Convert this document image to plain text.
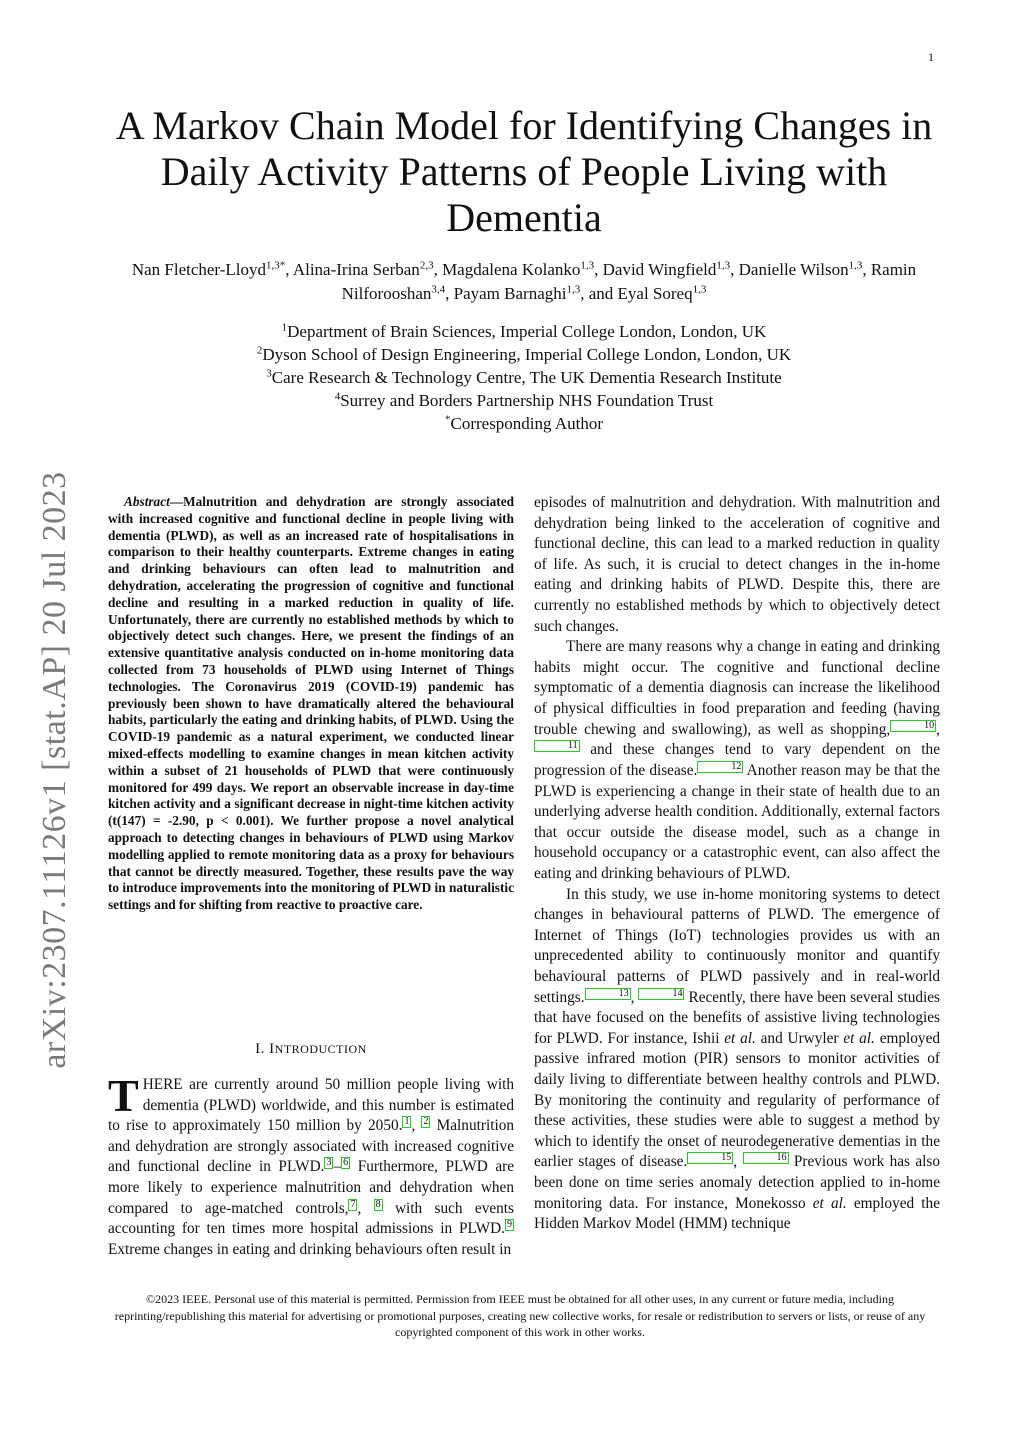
1
arXiv:2307.11126v1 [stat.AP] 20 Jul 2023
A Markov Chain Model for Identifying Changes in Daily Activity Patterns of People Living with Dementia
Nan Fletcher-Lloyd$^{1,3*}$, Alina-Irina Serban$^{2,3}$, Magdalena Kolanko$^{1,3}$, David Wingfield$^{1,3}$, Danielle Wilson$^{1,3}$, Ramin Nilforooshan$^{3,4}$, Payam Barnaghi$^{1,3}$, and Eyal Soreq$^{1,3}$
$^1$Department of Brain Sciences, Imperial College London, London, UK
$^2$Dyson School of Design Engineering, Imperial College London, London, UK
$^3$Care Research & Technology Centre, The UK Dementia Research Institute
$^4$Surrey and Borders Partnership NHS Foundation Trust
*Corresponding Author

Abstract—Malnutrition and dehydration are strongly associated with increased cognitive and functional decline in people living with dementia (PLWD), as well as an increased rate of hospitalisations in comparison to their healthy counterparts. Extreme changes in eating and drinking behaviours can often lead to malnutrition and dehydration, accelerating the progression of cognitive and functional decline and resulting in a marked reduction in quality of life. Unfortunately, there are currently no established methods by which to objectively detect such changes. Here, we present the findings of an extensive quantitative analysis conducted on in-home monitoring data collected from 73 households of PLWD using Internet of Things technologies. The Coronavirus 2019 (COVID-19) pandemic has previously been shown to have dramatically altered the behavioural habits, particularly the eating and drinking habits, of PLWD. Using the COVID-19 pandemic as a natural experiment, we conducted linear mixed-effects modelling to examine changes in mean kitchen activity within a subset of 21 households of PLWD that were continuously monitored for 499 days. We report an observable increase in day-time kitchen activity and a significant decrease in night-time kitchen activity (t(147) = -2.90, p < 0.001). We further propose a novel analytical approach to detecting changes in behaviours of PLWD using Markov modelling applied to remote monitoring data as a proxy for behaviours that cannot be directly measured. Together, these results pave the way to introduce improvements into the monitoring of PLWD in naturalistic settings and for shifting from reactive to proactive care.

I. INTRODUCTION

THERE are currently around 50 million people living with dementia (PLWD) worldwide, and this number is estimated to rise to approximately 150 million by 2050. 1 , 2 Malnutrition and dehydration are strongly associated with increased cognitive and functional decline in PLWD. 3 – 6 Furthermore, PLWD are more likely to experience malnutrition and dehydration when compared to age-matched controls, 7 , 8 with such events accounting for ten times more hospital admissions in PLWD. 9 Extreme changes in eating and drinking behaviours often result in

episodes of malnutrition and dehydration. With malnutrition and dehydration being linked to the acceleration of cognitive and functional decline, this can lead to a marked reduction in quality of life. As such, it is crucial to detect changes in the in-home eating and drinking habits of PLWD. Despite this, there are currently no established methods by which to objectively detect such changes.

There are many reasons why a change in eating and drinking habits might occur. The cognitive and functional decline symptomatic of a dementia diagnosis can increase the likelihood of physical difficulties in food preparation and feeding (having trouble chewing and swallowing), as well as shopping,	10 , 11 and these changes tend to vary dependent on the progression of the disease.	12 Another reason may be that the PLWD is experiencing a change in their state of health due to an underlying adverse health condition. Additionally, external factors that occur outside the disease model, such as a change in household occupancy or a catastrophic event, can also affect the eating and drinking behaviours of PLWD.

In this study, we use in-home monitoring systems to detect changes in behavioural patterns of PLWD. The emergence of Internet of Things (IoT) technologies provides us with an unprecedented ability to continuously monitor and quantify behavioural patterns of PLWD passively and in real-world settings.	13 ,	14 Recently, there have been several studies that have focused on the benefits of assistive living technologies for PLWD. For instance, Ishii et al. and Urwyler et al. employed passive infrared motion (PIR) sensors to monitor activities of daily living to differentiate between healthy controls and PLWD. By monitoring the continuity and regularity of performance of these activities, these studies were able to suggest a method by which to identify the onset of neurodegenerative dementias in the earlier stages of disease.	15 ,	16 Previous work has also been done on time series anomaly detection applied to in-home monitoring data. For instance, Monekosso et al. employed the Hidden Markov Model (HMM) technique

©2023 IEEE. Personal use of this material is permitted. Permission from IEEE must be obtained for all other uses, in any current or future media, including reprinting/republishing this material for advertising or promotional purposes, creating new collective works, for resale or redistribution to servers or lists, or reuse of any copyrighted component of this work in other works.
